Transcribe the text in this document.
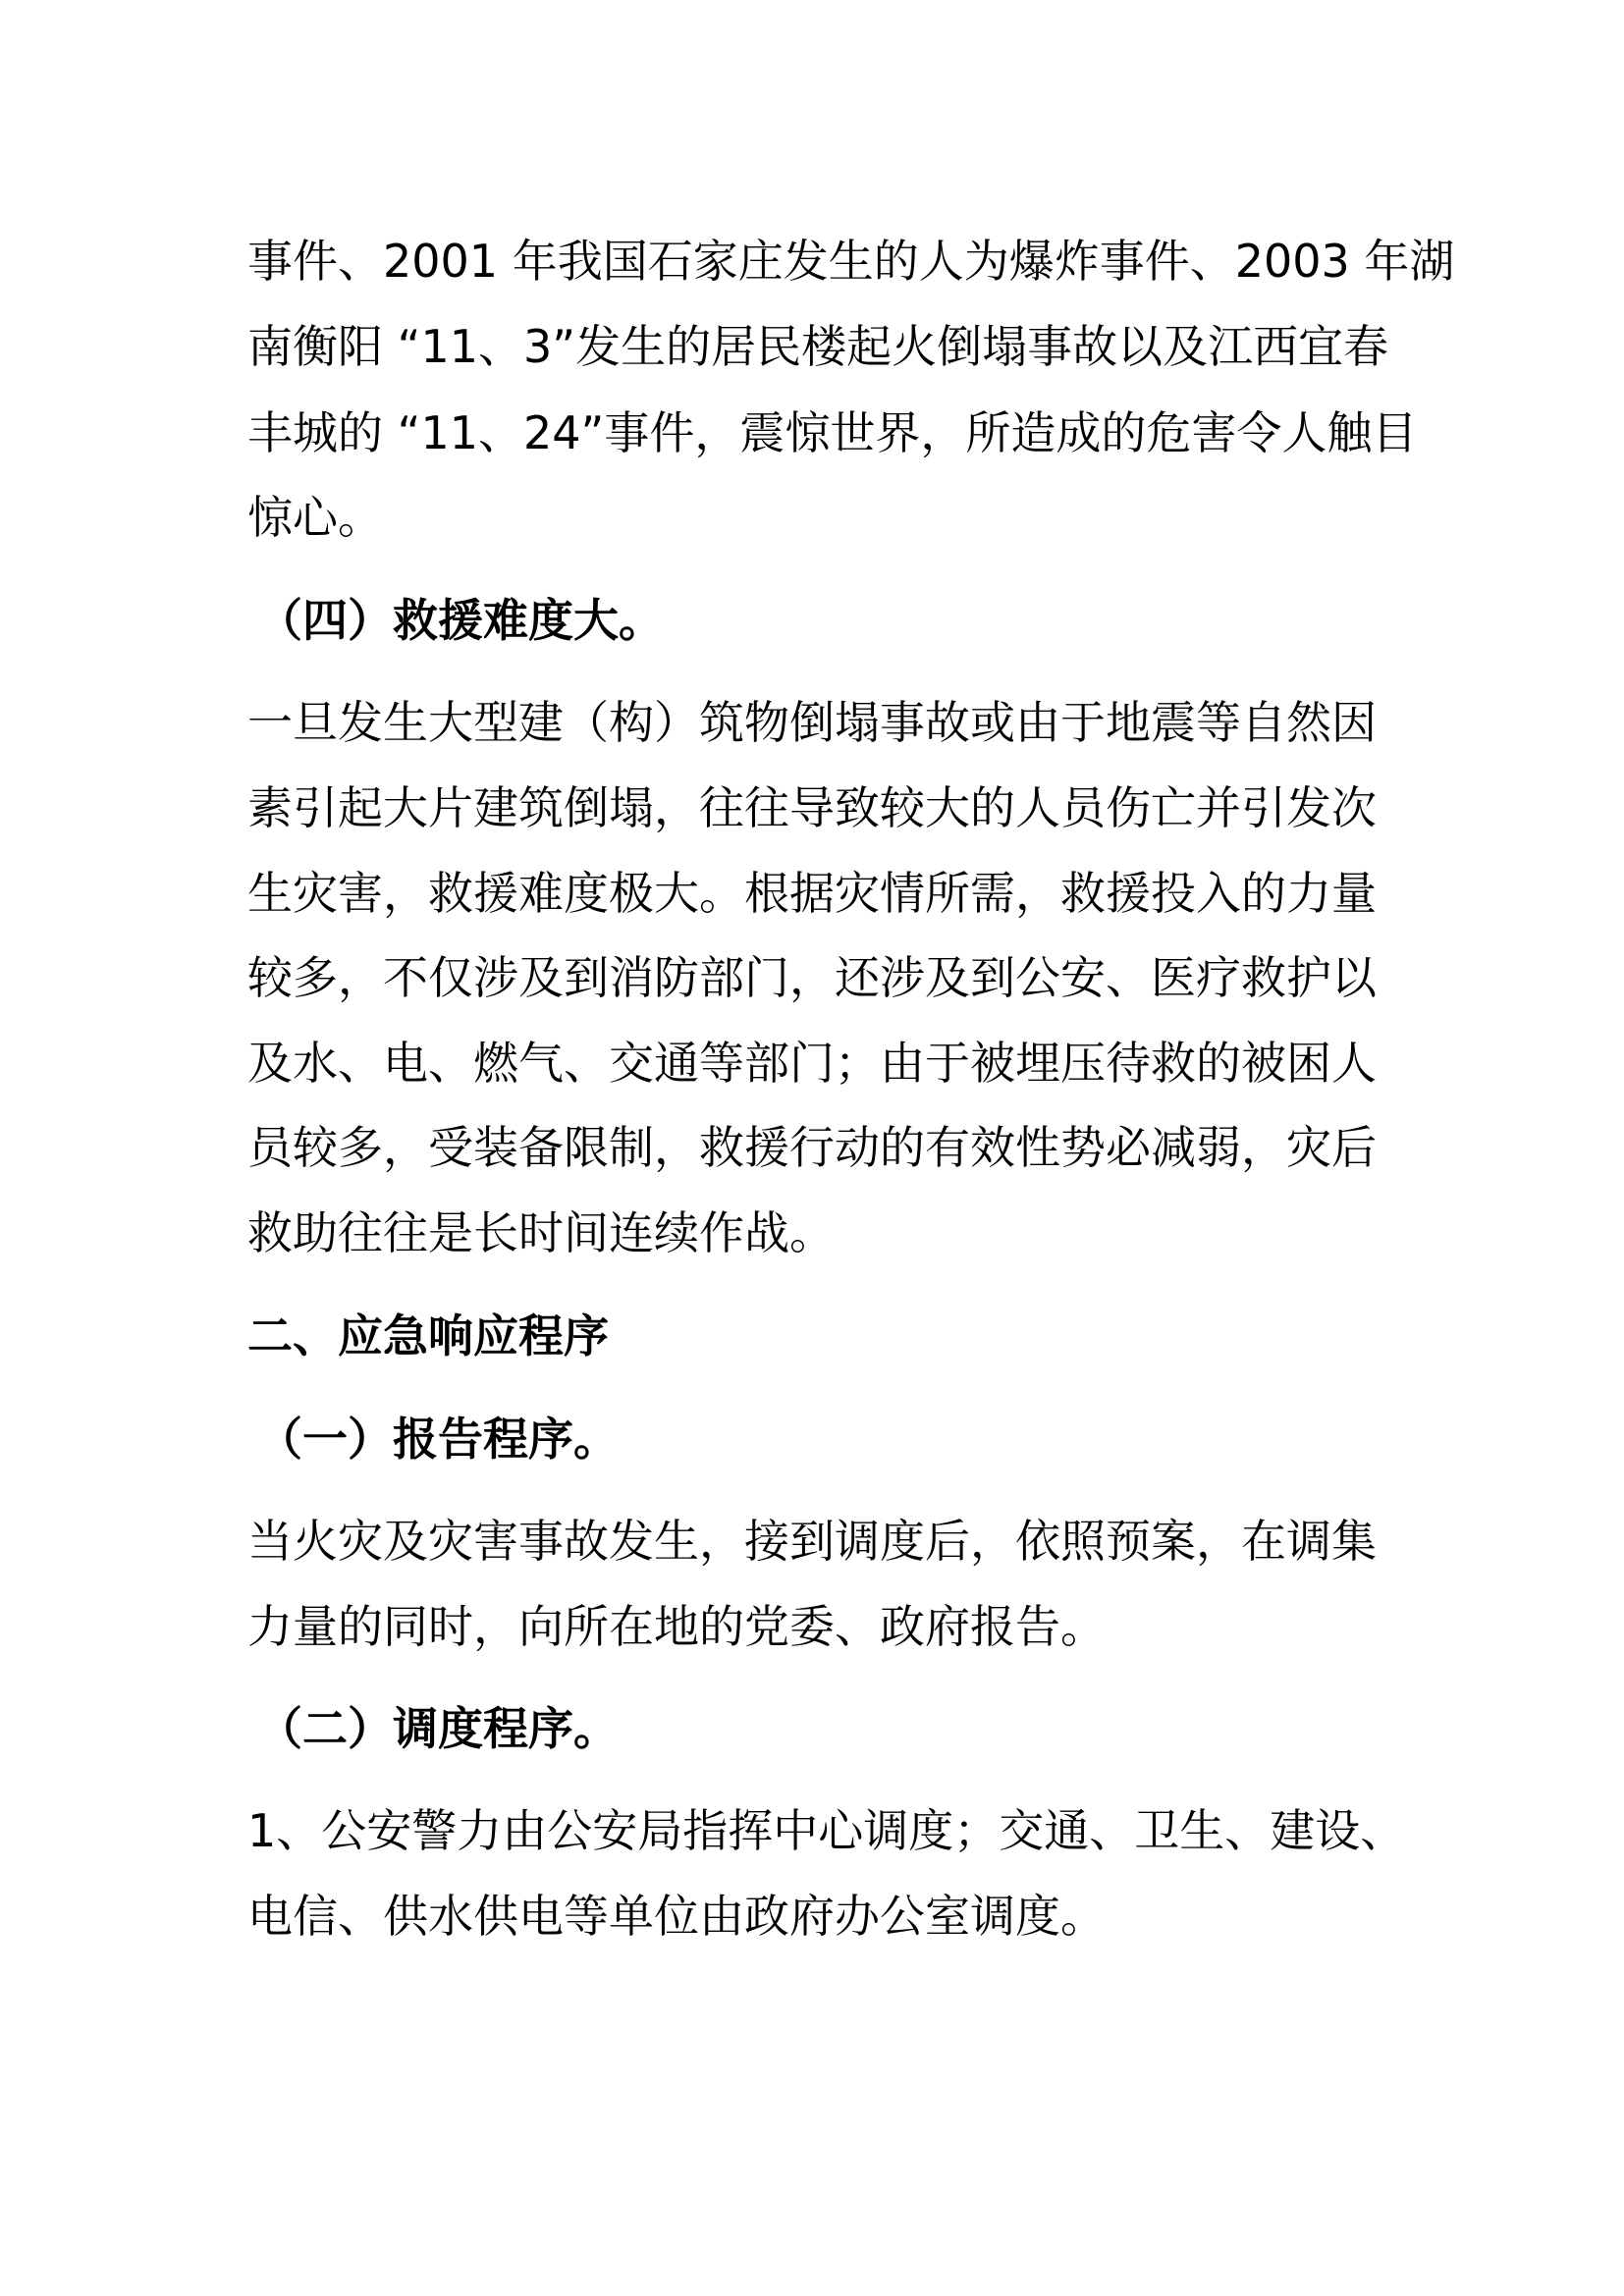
事件、2001 年我国石家庄发生的人为爆炸事件、2003 年湖
南衡阳 “11、3”发生的居民楼起火倒塌事故以及江西宜春
丰城的 “11、24”事件，震惊世界，所造成的危害令人触目
惊心。
（四）救援难度大。
一旦发生大型建（构）筑物倒塌事故或由于地震等自然因
素引起大片建筑倒塌，往往导致较大的人员伤亡并引发次
生灾害，救援难度极大。根据灾情所需，救援投入的力量
较多，不仅涉及到消防部门，还涉及到公安、医疗救护以
及水、电、燃气、交通等部门；由于被埋压待救的被困人
员较多，受装备限制，救援行动的有效性势必减弱，灾后
救助往往是长时间连续作战。
二、应急响应程序
（一）报告程序。
当火灾及灾害事故发生，接到调度后，依照预案，在调集
力量的同时，向所在地的党委、政府报告。
（二）调度程序。
1、公安警力由公安局指挥中心调度；交通、卫生、建设、
电信、供水供电等单位由政府办公室调度。
